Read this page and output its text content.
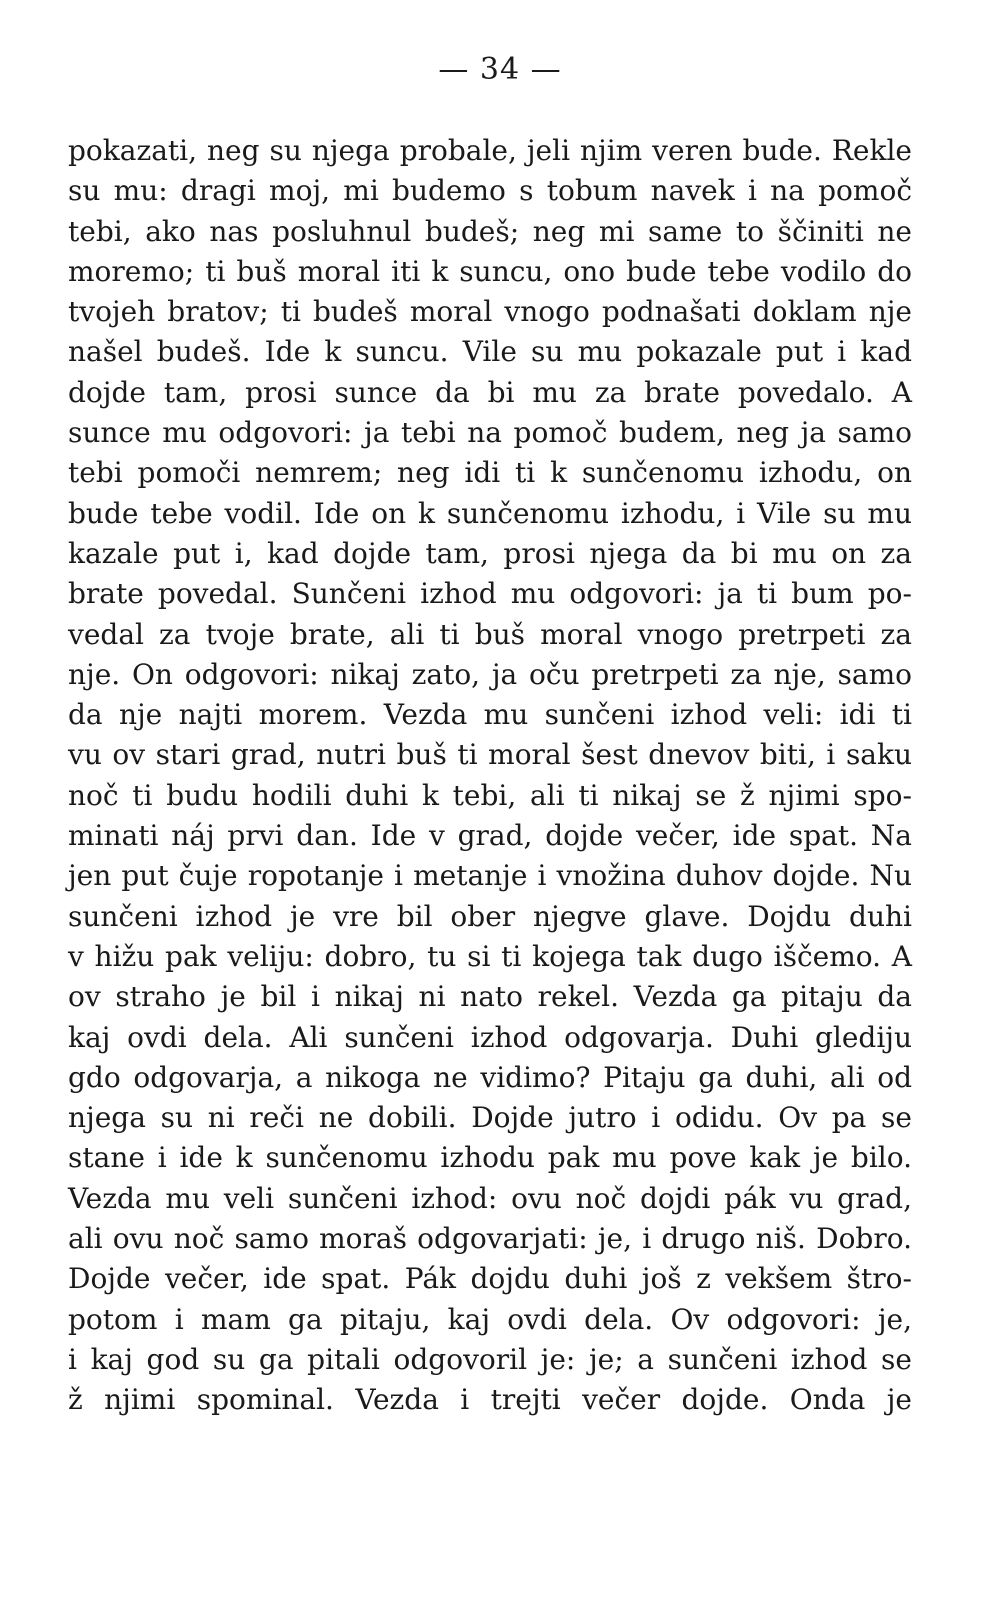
— 34 —
pokazati, neg su njega probale, jeli njim veren bude. Rekle
su mu: dragi moj, mi budemo s tobum navek i na pomoč
tebi, ako nas posluhnul budeš; neg mi same to ščiniti ne
moremo; ti buš moral iti k suncu, ono bude tebe vodilo do
tvojeh bratov; ti budeš moral vnogo podnašati doklam nje
našel budeš. Ide k suncu. Vile su mu pokazale put i kad
dojde tam, prosi sunce da bi mu za brate povedalo. A
sunce mu odgovori: ja tebi na pomoč budem, neg ja samo
tebi pomoči nemrem; neg idi ti k sunčenomu izhodu, on
bude tebe vodil. Ide on k sunčenomu izhodu, i Vile su mu
kazale put i, kad dojde tam, prosi njega da bi mu on za
brate povedal. Sunčeni izhod mu odgovori: ja ti bum po-
vedal za tvoje brate, ali ti buš moral vnogo pretrpeti za
nje. On odgovori: nikaj zato, ja oču pretrpeti za nje, samo
da nje najti morem. Vezda mu sunčeni izhod veli: idi ti
vu ov stari grad, nutri buš ti moral šest dnevov biti, i saku
noč ti budu hodili duhi k tebi, ali ti nikaj se ž njimi spo-
minati náj prvi dan. Ide v grad, dojde večer, ide spat. Na
jen put čuje ropotanje i metanje i vnožina duhov dojde. Nu
sunčeni izhod je vre bil ober njegve glave. Dojdu duhi
v hižu pak veliju: dobro, tu si ti kojega tak dugo iščemo. A
ov straho je bil i nikaj ni nato rekel. Vezda ga pitaju da
kaj ovdi dela. Ali sunčeni izhod odgovarja. Duhi glediju
gdo odgovarja, a nikoga ne vidimo? Pitaju ga duhi, ali od
njega su ni reči ne dobili. Dojde jutro i odidu. Ov pa se
stane i ide k sunčenomu izhodu pak mu pove kak je bilo.
Vezda mu veli sunčeni izhod: ovu noč dojdi pák vu grad,
ali ovu noč samo moraš odgovarjati: je, i drugo niš. Dobro.
Dojde večer, ide spat. Pák dojdu duhi još z vekšem štro-
potom i mam ga pitaju, kaj ovdi dela. Ov odgovori: je,
i kaj god su ga pitali odgovoril je: je; a sunčeni izhod se
ž njimi spominal. Vezda i trejti večer dojde. Onda je
